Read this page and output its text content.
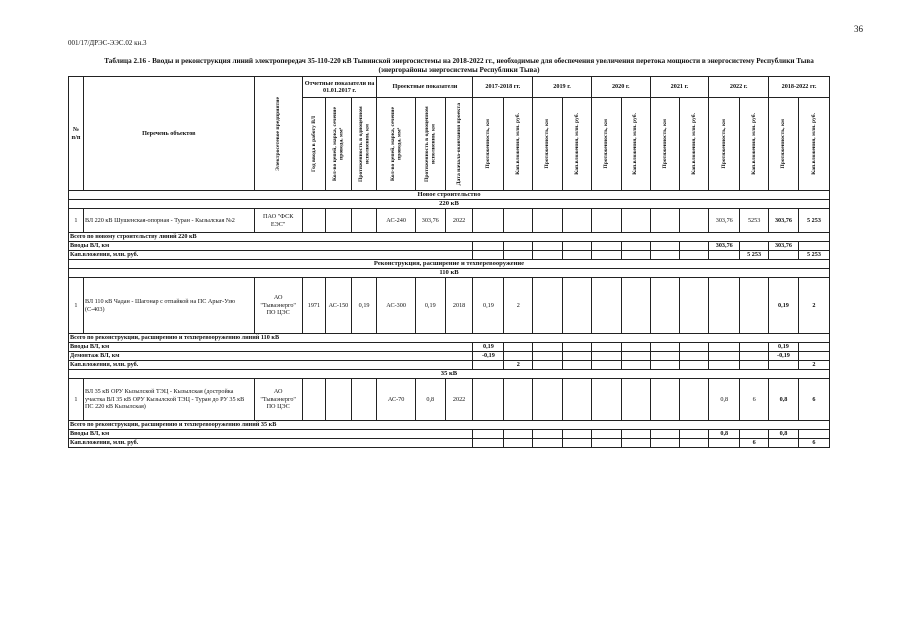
36
001/17/ДРЭС-ЭЭС.02 кн.3
Таблица 2.16 - Вводы и реконструкция линий электропередач 35-110-220 кВ Тывинской энергосистемы на 2018-2022 гг., необходимые для обеспечения увеличения перетока мощности в энергосистему Республики Тыва (энергорайоны энергосистемы Республики Тыва)
№ п/п	Перечень объектов	Электросетевое предприятие	Отчетные показатели на 01.01.2017 г.			Проектные показатели			2017-2018 гг.		2019 г.		2020 г.		2021 г.		2022 г.		2018-2022 гг.	

			Год ввода в работу ВЛ	Кол-во цепей, марка, сечение провода, мм²	Протяженность в одноцепном исполнении, км	Кол-во цепей, марка, сечение провода, мм²	Протяженность в одноцепном исполнении, км	Дата начала-окончания проекта	Протяженность, км	Кап.вложения, млн. руб.	Протяженность, км	Кап.вложения, млн. руб.	Протяженность, км	Кап.вложения, млн. руб.	Протяженность, км	Кап.вложения, млн. руб.	Протяженность, км	Кап.вложения, млн. руб.	Протяженность, км	Кап.вложения, млн. руб.

Новое строительство																				
220 кВ																				
1	ВЛ 220 кВ Шушенская-опорная - Туран - Кызылская №2	ПАО "ФСК ЕЭС"				АС-240	303,76	2022									303,76	5253	303,76	5 253
Всего по новому строительству линий 220 кВ																				
Вводы ВЛ, км																	303,76		303,76	
Кап.вложения, млн. руб.																		5 253		5 253
Реконструкция, расширение и техперевооружение																				
110 кВ																				
1	ВЛ 110 кВ Чадан - Шагонар с отпайкой на ПС Арыг-Узю (С-403)	АО "Тываэнерго" ПО ЦЭС	1971	АС-150	0,19	АС-300	0,19	2018	0,19	2									0,19	2
Всего по реконструкции, расширению и техперевооружению линий 110 кВ																				
Вводы ВЛ, км									0,19										0,19	
Демонтаж ВЛ, км									-0,19										-0,19	
Кап.вложения, млн. руб.										2										2
35 кВ																				
1	ВЛ 35 кВ ОРУ Кызылской ТЭЦ - Кызылская (достройка участка ВЛ 35 кВ ОРУ Кызылской ТЭЦ - Туран до РУ 35 кВ ПС 220 кВ Кызылская)	АО "Тываэнерго" ПО ЦЭС				АС-70	0,8	2022									0,8	6	0,8	6
Всего по реконструкции, расширению и техперевооружению линий 35 кВ																				
Вводы ВЛ, км																	0,8		0,8	
Кап.вложения, млн. руб.																		6		6
